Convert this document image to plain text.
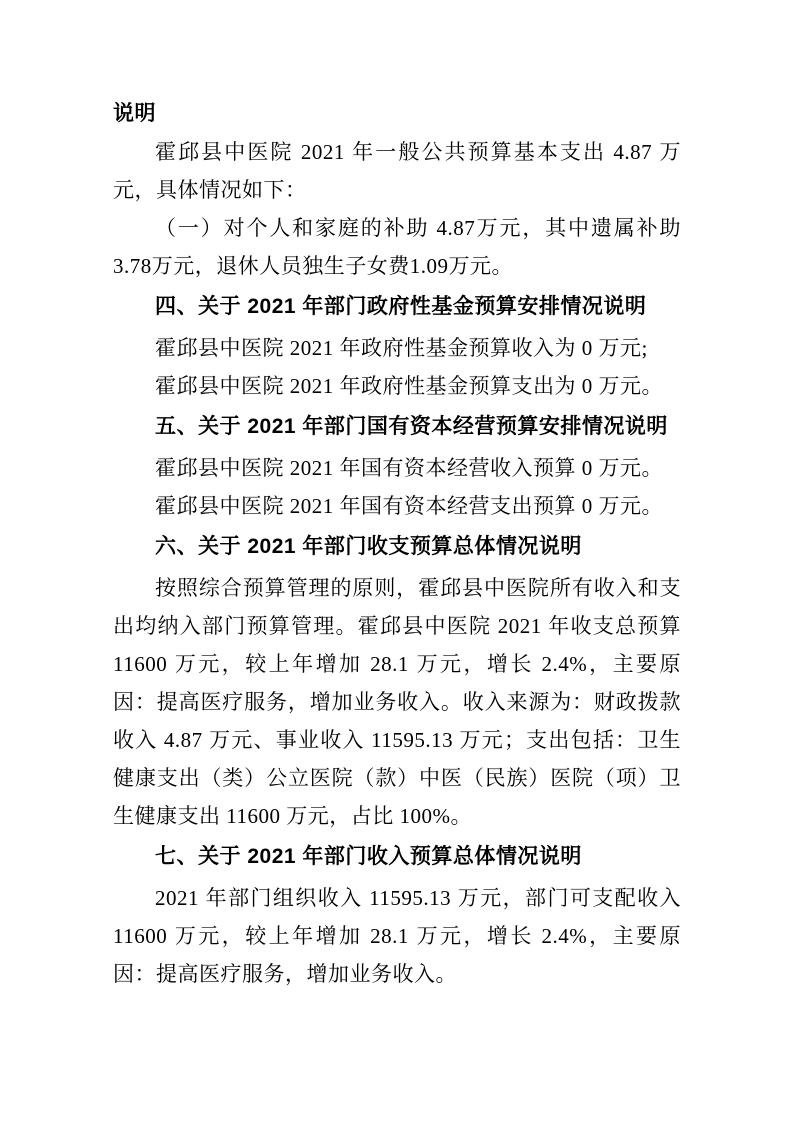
说明
霍邱县中医院 2021 年一般公共预算基本支出 4.87 万元，具体情况如下：
（一）对个人和家庭的补助 4.87万元，其中遗属补助3.78万元，退休人员独生子女费1.09万元。
四、关于 2021 年部门政府性基金预算安排情况说明
霍邱县中医院 2021 年政府性基金预算收入为 0 万元;
霍邱县中医院 2021 年政府性基金预算支出为 0 万元。
五、关于 2021 年部门国有资本经营预算安排情况说明
霍邱县中医院 2021 年国有资本经营收入预算 0 万元。
霍邱县中医院 2021 年国有资本经营支出预算 0 万元。
六、关于 2021 年部门收支预算总体情况说明
按照综合预算管理的原则，霍邱县中医院所有收入和支出均纳入部门预算管理。霍邱县中医院 2021 年收支总预算 11600 万元，较上年增加 28.1 万元，增长 2.4%，主要原因：提高医疗服务，增加业务收入。收入来源为：财政拨款收入 4.87 万元、事业收入 11595.13 万元；支出包括：卫生健康支出（类）公立医院（款）中医（民族）医院（项）卫生健康支出 11600 万元，占比 100%。
七、关于 2021 年部门收入预算总体情况说明
2021 年部门组织收入 11595.13 万元，部门可支配收入 11600 万元，较上年增加 28.1 万元，增长 2.4%，主要原因：提高医疗服务，增加业务收入。
